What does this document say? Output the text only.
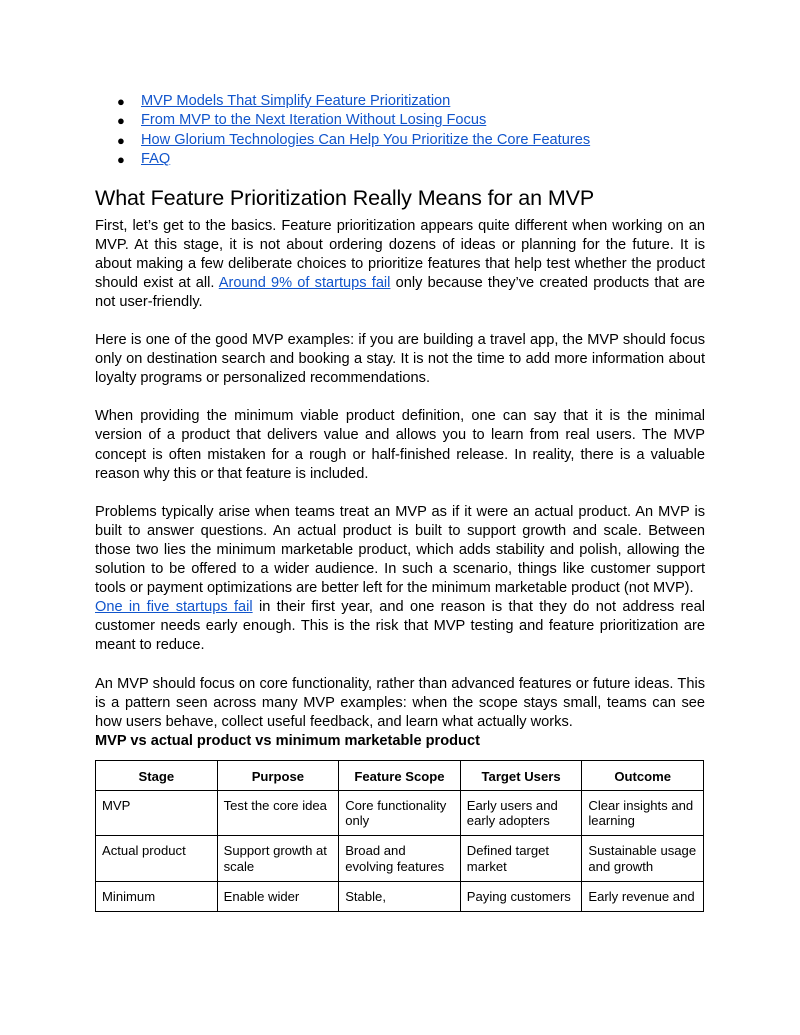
● MVP Models That Simplify Feature Prioritization
● From MVP to the Next Iteration Without Losing Focus
● How Glorium Technologies Can Help You Prioritize the Core Features
● FAQ
What Feature Prioritization Really Means for an MVP

First, let’s get to the basics. Feature prioritization appears quite different when working on an MVP. At this stage, it is not about ordering dozens of ideas or planning for the future. It is about making a few deliberate choices to prioritize features that help test whether the product should exist at all. Around 9% of startups fail only because they’ve created products that are not user-friendly.

Here is one of the good MVP examples: if you are building a travel app, the MVP should focus only on destination search and booking a stay. It is not the time to add more information about loyalty programs or personalized recommendations.

When providing the minimum viable product definition, one can say that it is the minimal version of a product that delivers value and allows you to learn from real users. The MVP concept is often mistaken for a rough or half-finished release. In reality, there is a valuable reason why this or that feature is included.

Problems typically arise when teams treat an MVP as if it were an actual product. An MVP is built to answer questions. An actual product is built to support growth and scale. Between those two lies the minimum marketable product, which adds stability and polish, allowing the solution to be offered to a wider audience. In such a scenario, things like customer support tools or payment optimizations are better left for the minimum marketable product (not MVP).

One in five startups fail in their first year, and one reason is that they do not address real customer needs early enough. This is the risk that MVP testing and feature prioritization are meant to reduce.

An MVP should focus on core functionality, rather than advanced features or future ideas. This is a pattern seen across many MVP examples: when the scope stays small, teams can see how users behave, collect useful feedback, and learn what actually works.

MVP vs actual product vs minimum marketable product

Stage	Purpose	Feature Scope	Target Users	Outcome
MVP	Test the core idea	Core functionality only	Early users and early adopters	Clear insights and learning
Actual product	Support growth at scale	Broad and evolving features	Defined target market	Sustainable usage and growth
Minimum	Enable wider	Stable,	Paying customers	Early revenue and
